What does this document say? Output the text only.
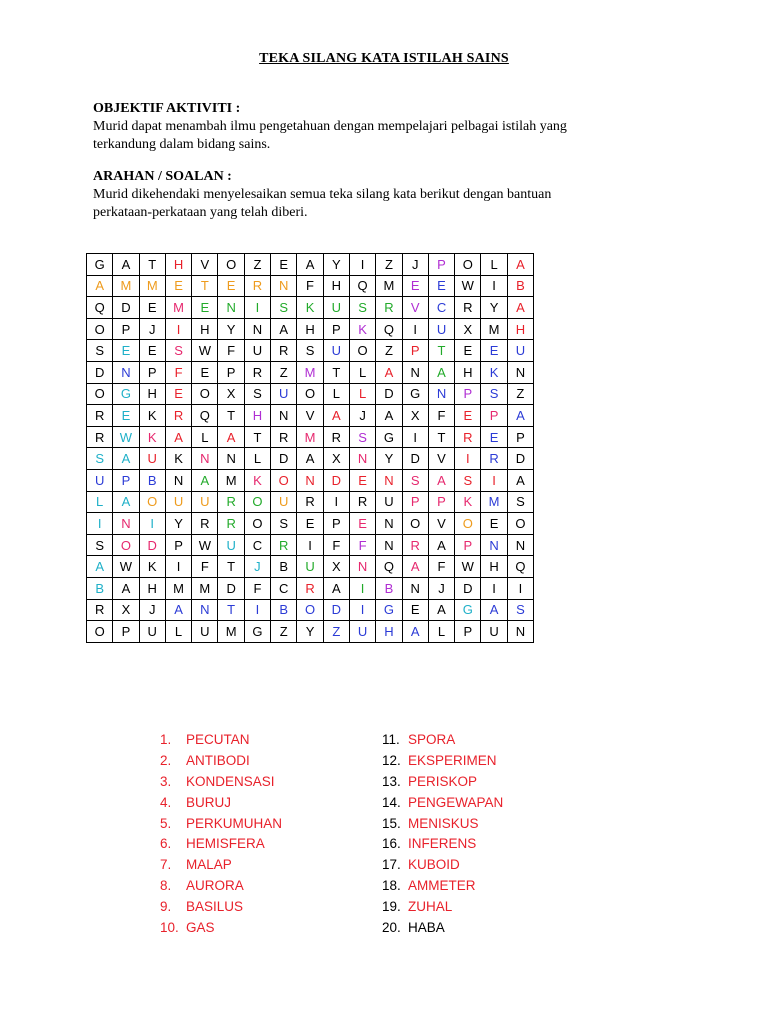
TEKA SILANG KATA ISTILAH SAINS
OBJEKTIF AKTIVITI :
Murid dapat menambah ilmu pengetahuan dengan mempelajari pelbagai istilah yang
terkandung dalam bidang sains.
ARAHAN / SOALAN :
Murid dikehendaki menyelesaikan semua teka silang kata berikut dengan bantuan
perkataan-perkataan yang telah diberi.
G	A	T	H	V	O	Z	E	A	Y	I	Z	J	P	O	L	A
A	M	M	E	T	E	R	N	F	H	Q	M	E	E	W	I	B
Q	D	E	M	E	N	I	S	K	U	S	R	V	C	R	Y	A
O	P	J	I	H	Y	N	A	H	P	K	Q	I	U	X	M	H
S	E	E	S	W	F	U	R	S	U	O	Z	P	T	E	E	U
D	N	P	F	E	P	R	Z	M	T	L	A	N	A	H	K	N
O	G	H	E	O	X	S	U	O	L	L	D	G	N	P	S	Z
R	E	K	R	Q	T	H	N	V	A	J	A	X	F	E	P	A
R	W	K	A	L	A	T	R	M	R	S	G	I	T	R	E	P
S	A	U	K	N	N	L	D	A	X	N	Y	D	V	I	R	D
U	P	B	N	A	M	K	O	N	D	E	N	S	A	S	I	A
L	A	O	U	U	R	O	U	R	I	R	U	P	P	K	M	S
I	N	I	Y	R	R	O	S	E	P	E	N	O	V	O	E	O
S	O	D	P	W	U	C	R	I	F	F	N	R	A	P	N	N
A	W	K	I	F	T	J	B	U	X	N	Q	A	F	W	H	Q
B	A	H	M	M	D	F	C	R	A	I	B	N	J	D	I	I
R	X	J	A	N	T	I	B	O	D	I	G	E	A	G	A	S
O	P	U	L	U	M	G	Z	Y	Z	U	H	A	L	P	U	N
1. PECUTAN
2. ANTIBODI
3. KONDENSASI
4. BURUJ
5. PERKUMUHAN
6. HEMISFERA
7. MALAP
8. AURORA
9. BASILUS
10. GAS
11. SPORA
12. EKSPERIMEN
13. PERISKOP
14. PENGEWAPAN
15. MENISKUS
16. INFERENS
17. KUBOID
18. AMMETER
19. ZUHAL
20. HABA
